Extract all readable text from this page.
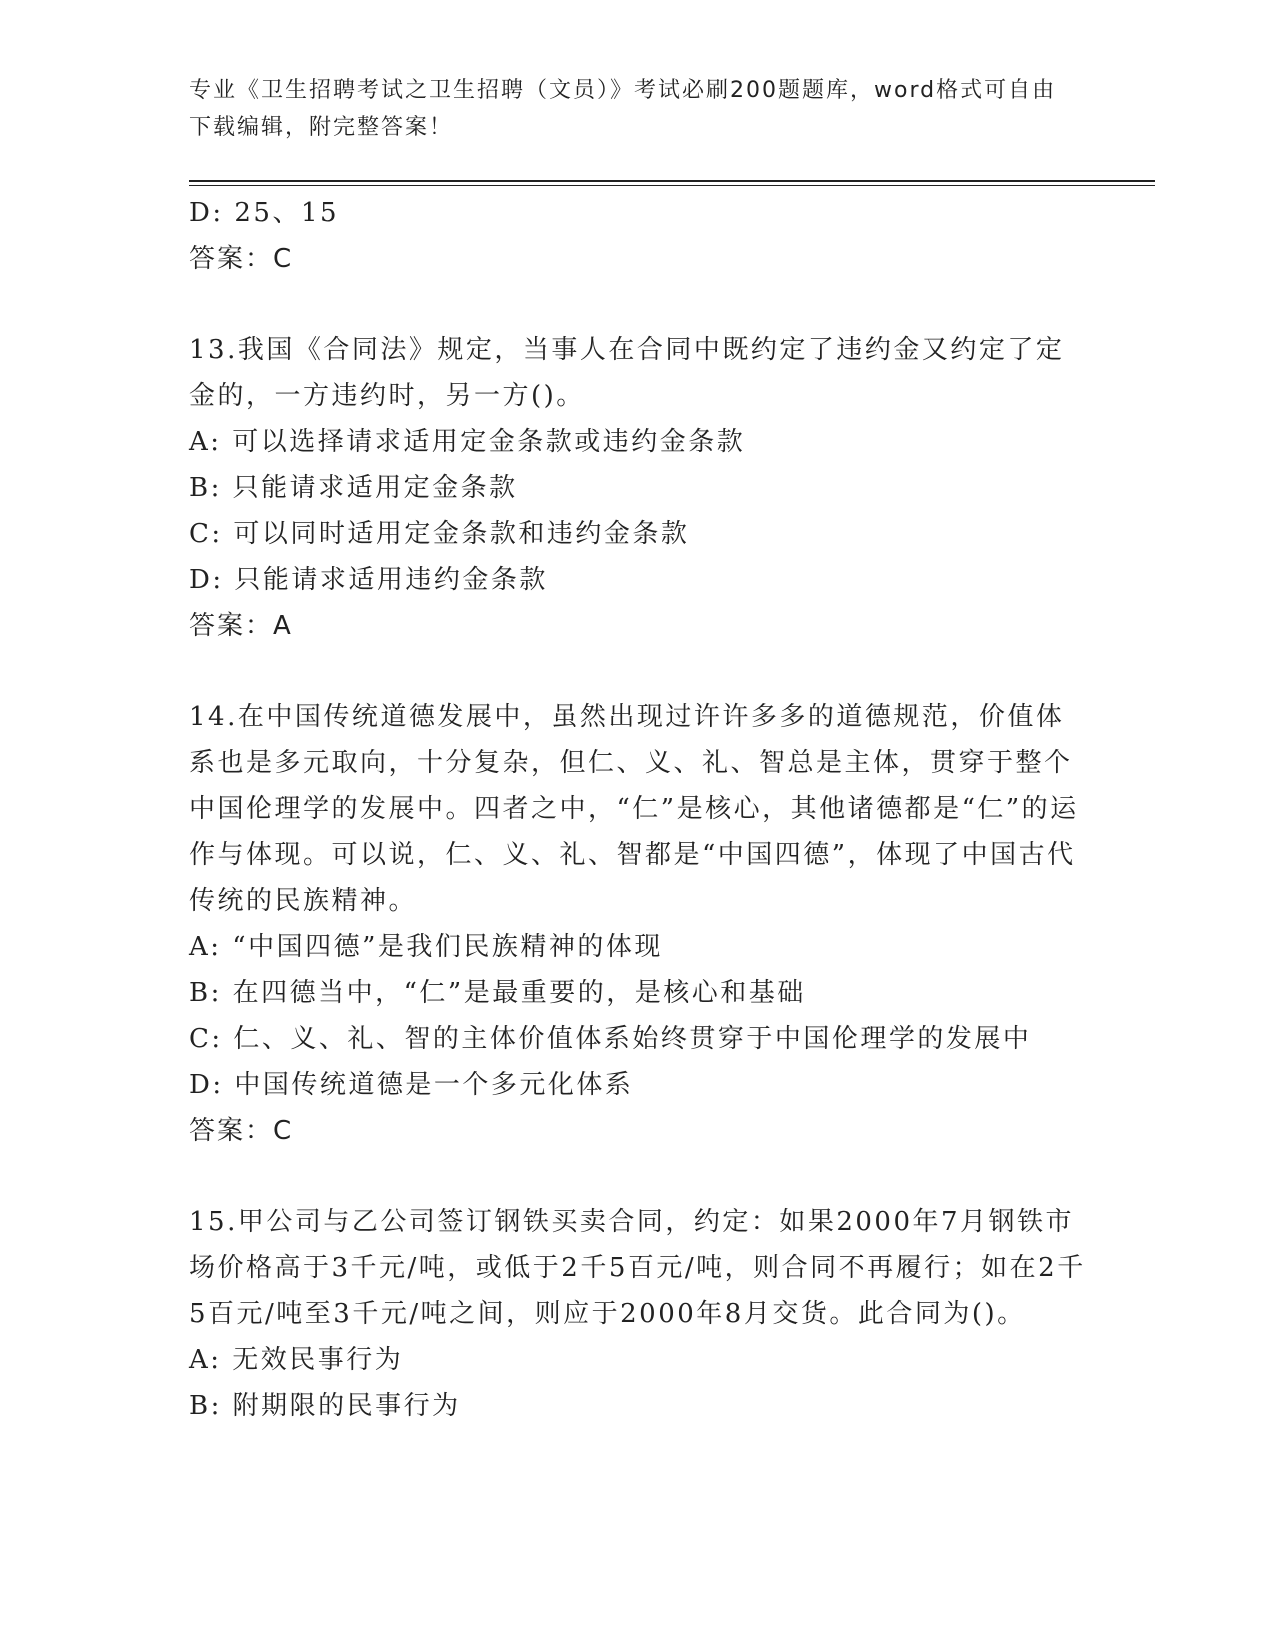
专业《卫生招聘考试之卫生招聘（文员）》考试必刷200题题库，word格式可自由下载编辑，附完整答案！

D: 25、15

答案：C

13.我国《合同法》规定，当事人在合同中既约定了违约金又约定了定金的，一方违约时，另一方()。

A: 可以选择请求适用定金条款或违约金条款

B: 只能请求适用定金条款

C: 可以同时适用定金条款和违约金条款

D: 只能请求适用违约金条款

答案：A

14.在中国传统道德发展中，虽然出现过许许多多的道德规范，价值体系也是多元取向，十分复杂，但仁、义、礼、智总是主体，贯穿于整个中国伦理学的发展中。四者之中，“仁”是核心，其他诸德都是“仁”的运作与体现。可以说，仁、义、礼、智都是“中国四德”，体现了中国古代传统的民族精神。

A: “中国四德”是我们民族精神的体现

B: 在四德当中，“仁”是最重要的，是核心和基础

C: 仁、义、礼、智的主体价值体系始终贯穿于中国伦理学的发展中

D: 中国传统道德是一个多元化体系

答案：C

15.甲公司与乙公司签订钢铁买卖合同，约定：如果2000年7月钢铁市场价格高于3千元/吨，或低于2千5百元/吨，则合同不再履行；如在2千5百元/吨至3千元/吨之间，则应于2000年8月交货。此合同为()。

A: 无效民事行为

B: 附期限的民事行为
